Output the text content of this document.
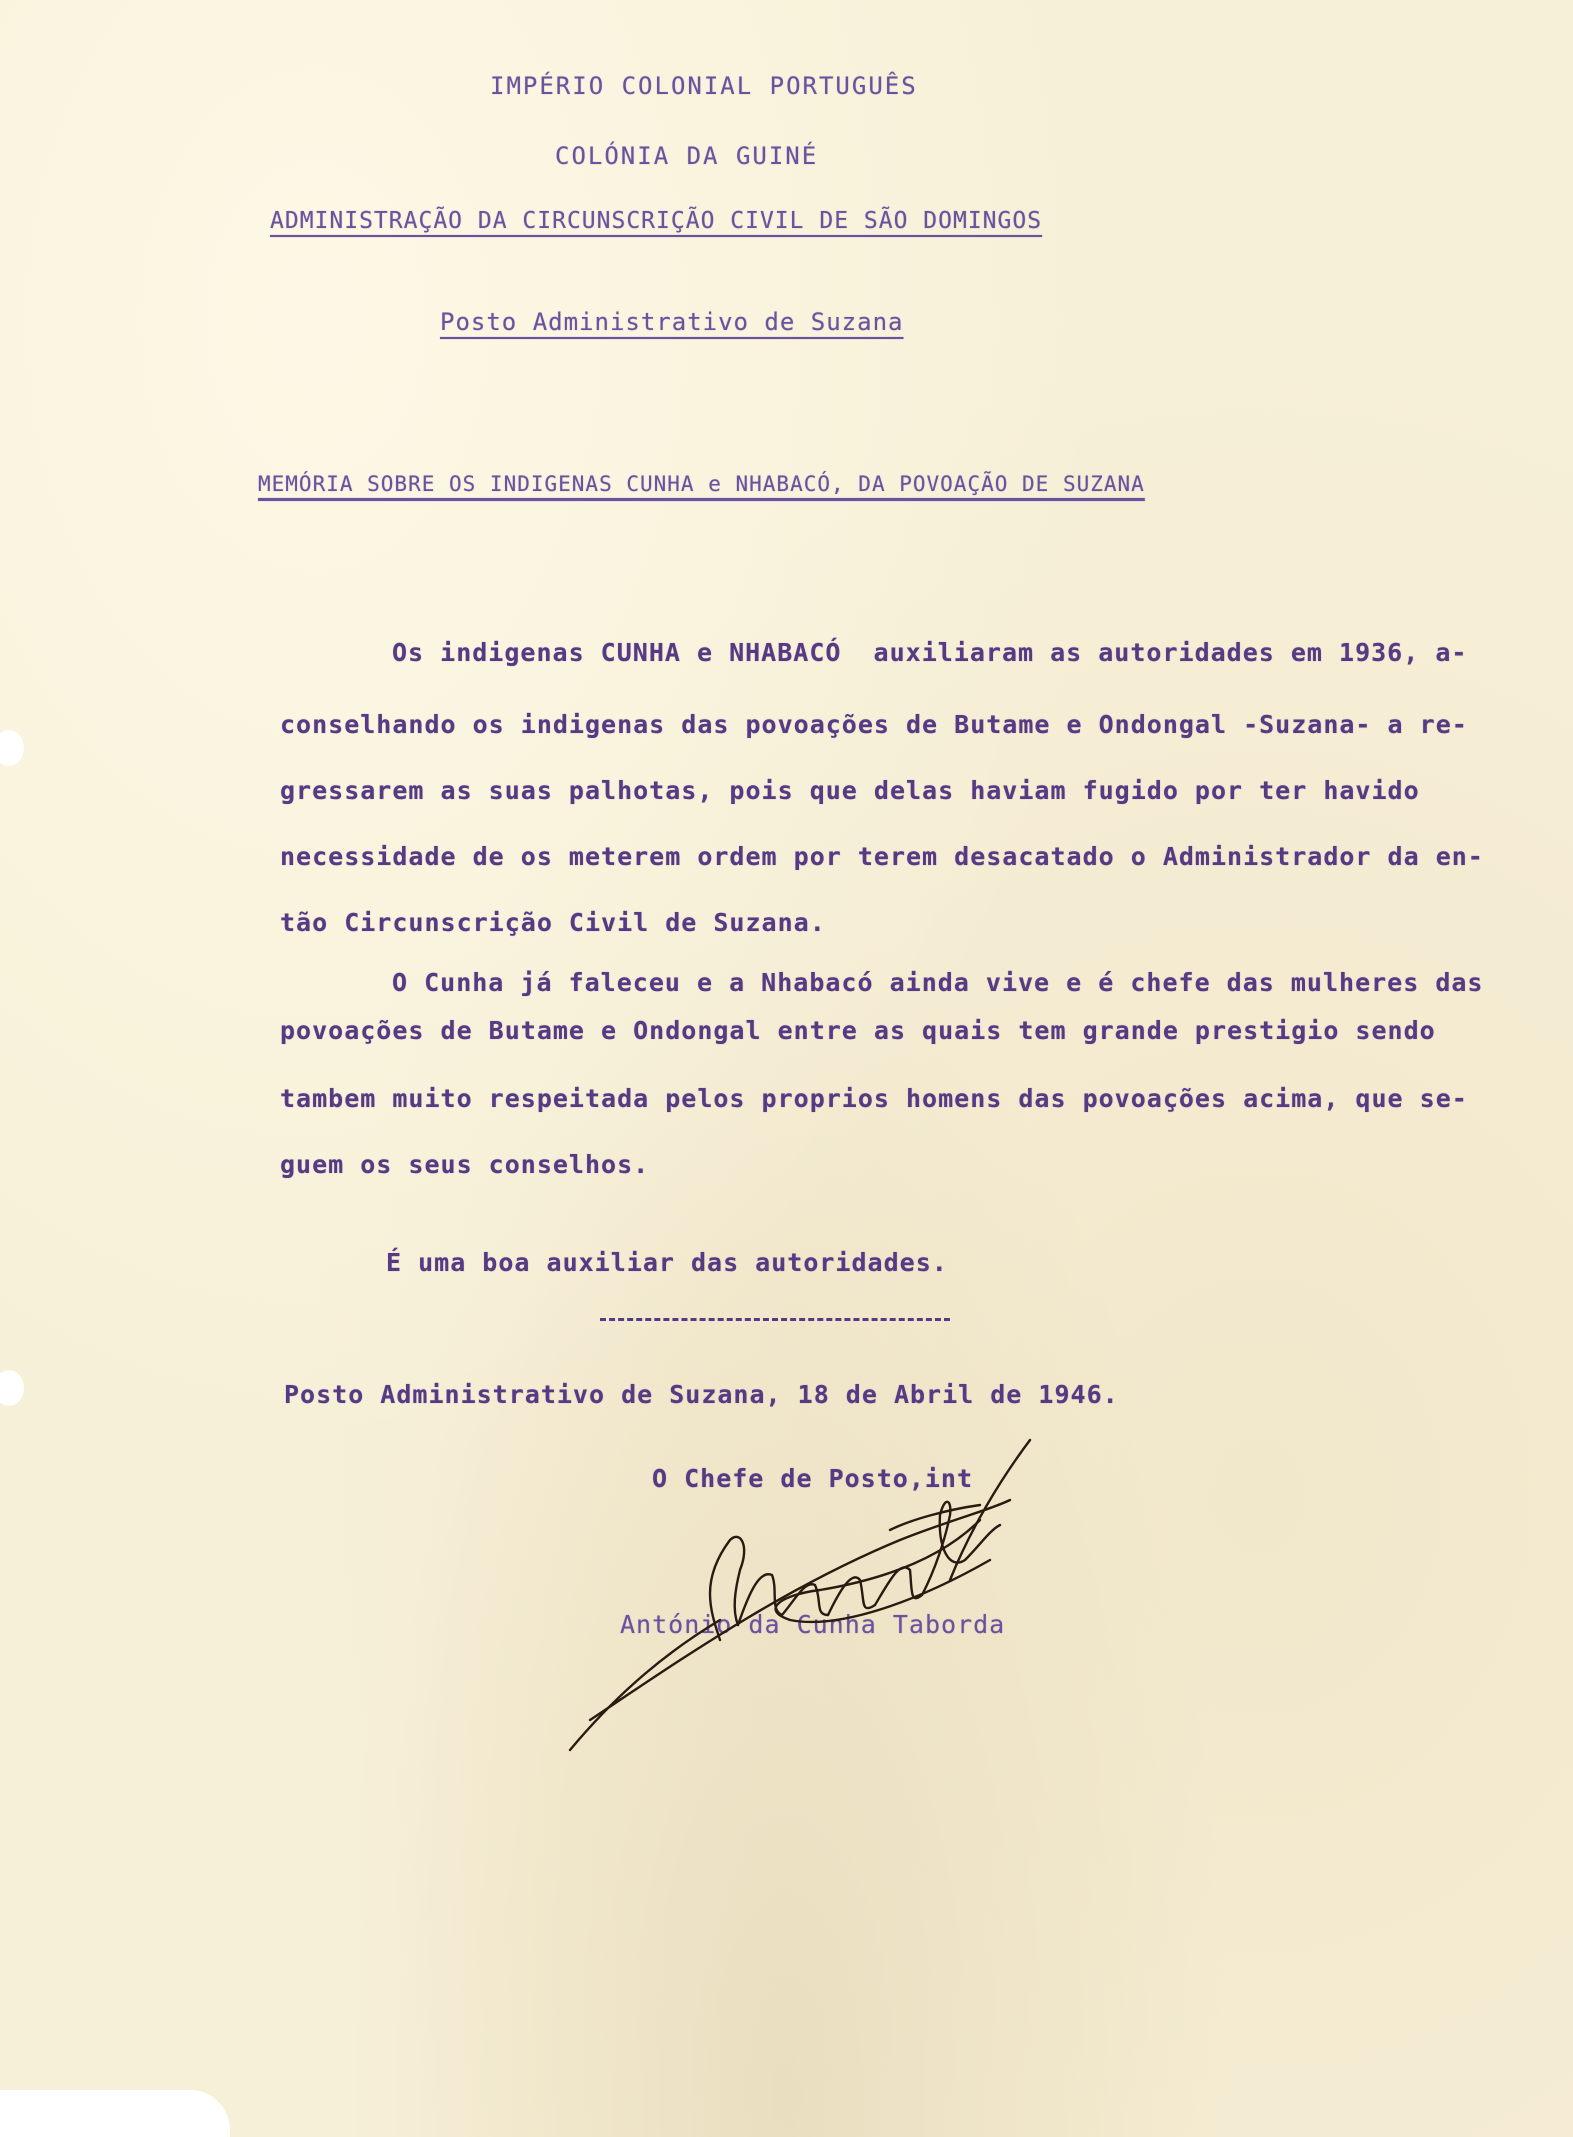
IMPÉRIO COLONIAL PORTUGUÊS

COLÓNIA DA GUINÉ

ADMINISTRAÇÃO DA CIRCUNSCRIÇÃO CIVIL DE SÃO DOMINGOS

Posto Administrativo de Suzana

MEMÓRIA SOBRE OS INDIGENAS CUNHA e NHABACÓ, DA POVOAÇÃO DE SUZANA

Os indigenas CUNHA e NHABACÓ  auxiliaram as autoridades em 1936, a-

conselhando os indigenas das povoações de Butame e Ondongal -Suzana- a re-

gressarem as suas palhotas, pois que delas haviam fugido por ter havido

necessidade de os meterem ordem por terem desacatado o Administrador da en-

tão Circunscrição Civil de Suzana.

O Cunha já faleceu e a Nhabacó ainda vive e é chefe das mulheres das

povoações de Butame e Ondongal entre as quais tem grande prestigio sendo

tambem muito respeitada pelos proprios homens das povoações acima, que se-

guem os seus conselhos.

É uma boa auxiliar das autoridades.

Posto Administrativo de Suzana, 18 de Abril de 1946.

O Chefe de Posto,int

António da Cunha Taborda
